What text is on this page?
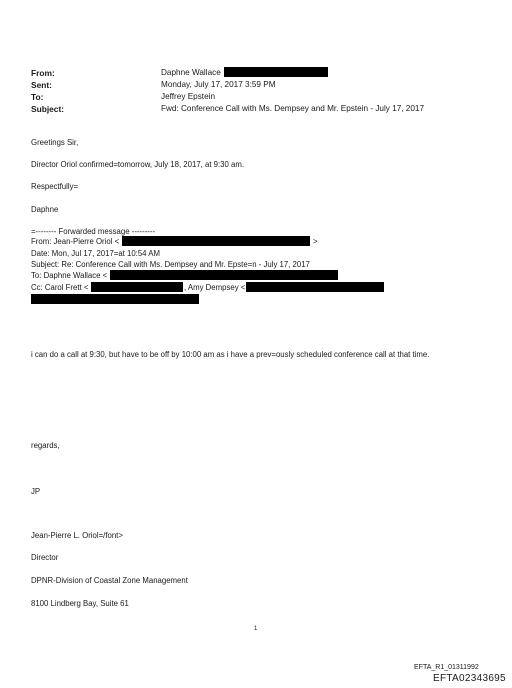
From:
Sent:
To:
Subject:
Daphne Wallace
Monday, July 17, 2017 3:59 PM
Jeffrey Epstein
Fwd: Conference Call with Ms. Dempsey and Mr. Epstein - July 17, 2017
Greetings Sir,
Director Oriol confirmed=tomorrow, July 18, 2017, at 9:30 am.
Respectfully=
Daphne
=-------- Forwarded message ---------
From: Jean-Pierre Oriol <	>
Date: Mon, Jul 17, 2017=at 10:54 AM
Subject: Re: Conference Call with Ms. Dempsey and Mr. Epste=n - July 17, 2017
To: Daphne Wallace <
Cc: Carol Frett <	, Amy Dempsey <
i can do a call at 9:30, but have to be off by 10:00 am as i have a prev=ously scheduled conference call at that time.
regards,
JP
Jean-Pierre L. Oriol=/font>
Director
DPNR-Division of Coastal Zone Management
8100 Lindberg Bay, Suite 61
1
EFTA_R1_01311992
EFTA02343695
